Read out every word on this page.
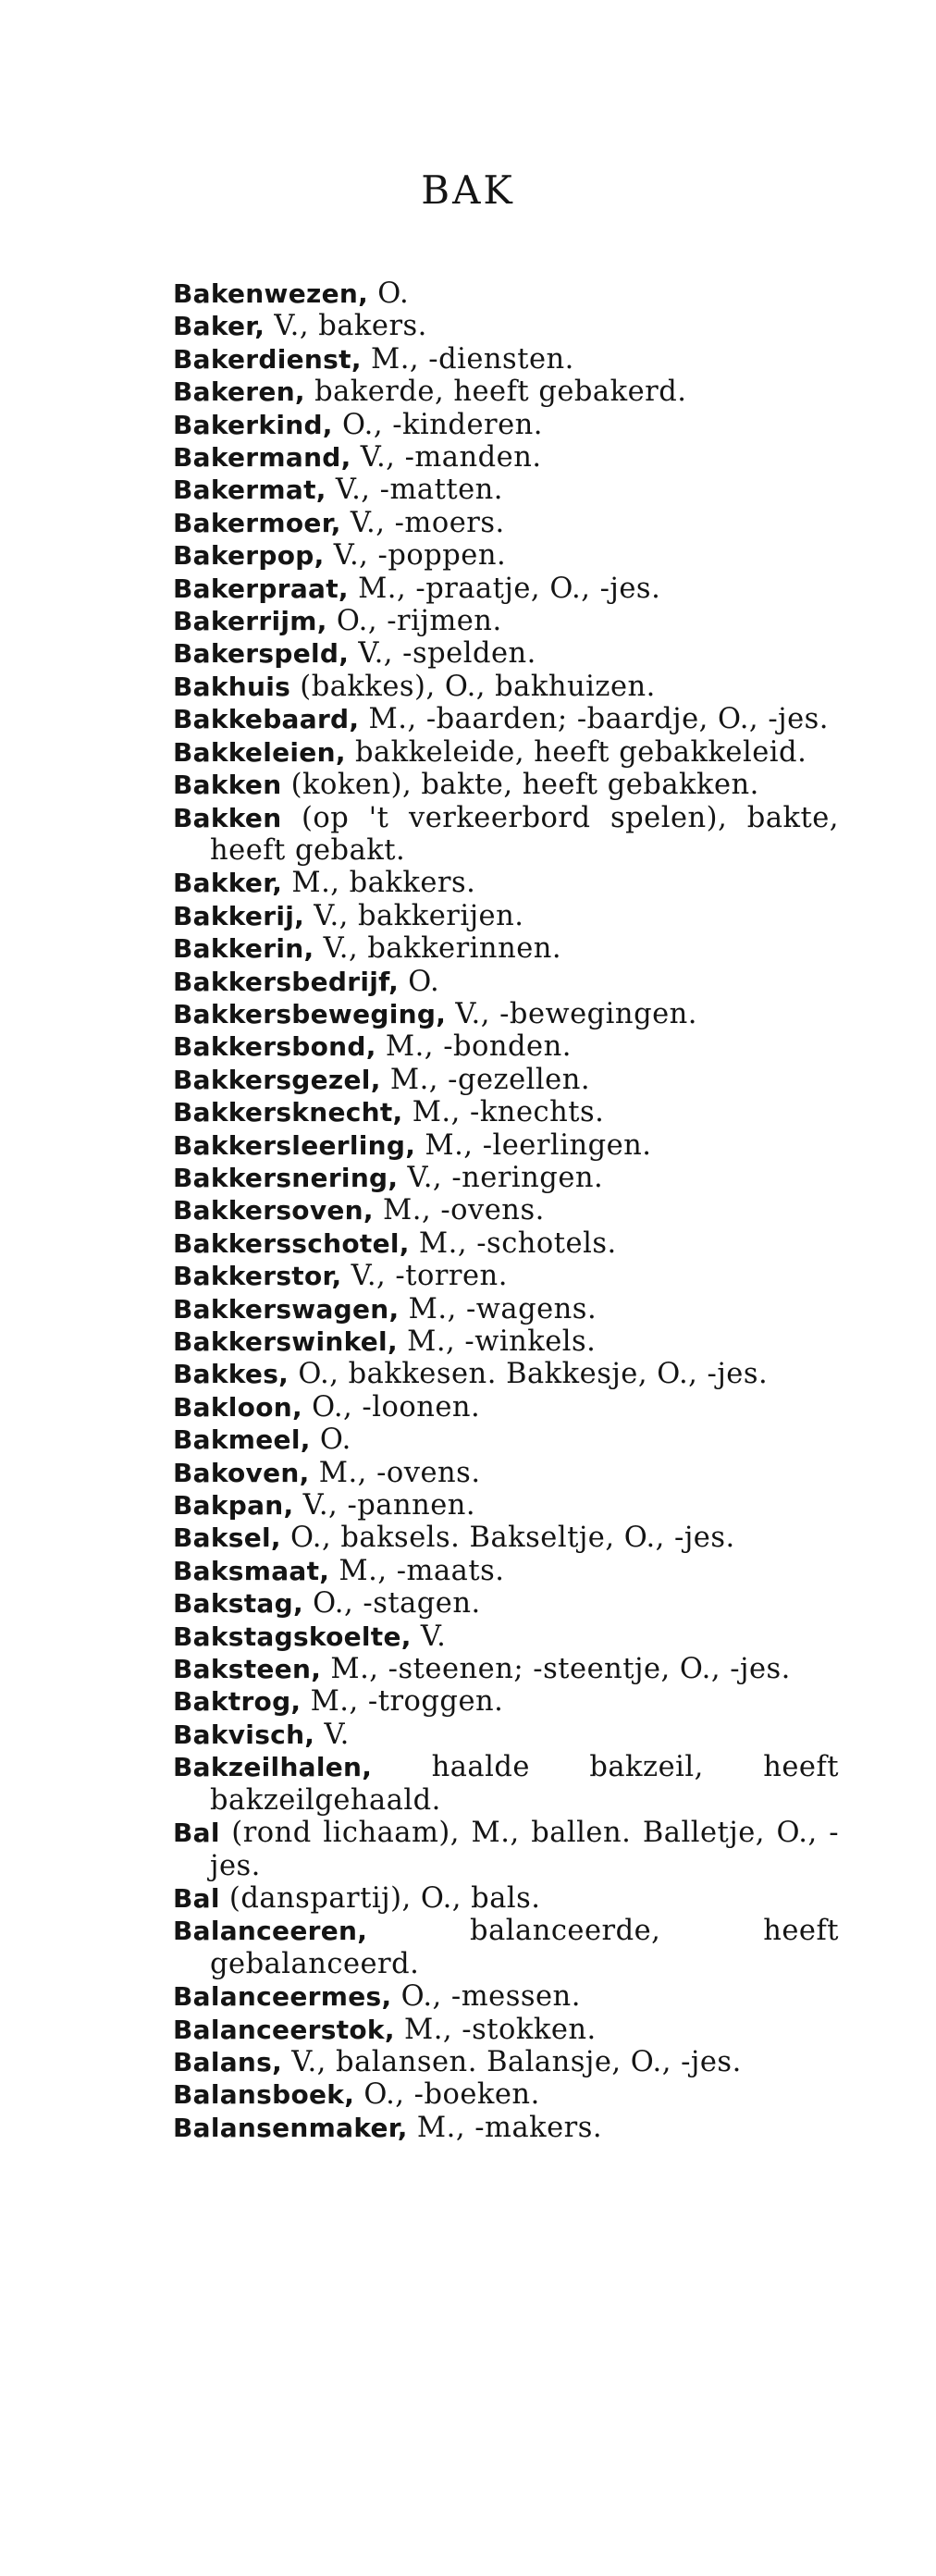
BAK
Bakenwezen, O.
Baker, V., bakers.
Bakerdienst, M., -diensten.
Bakeren, bakerde, heeft gebakerd.
Bakerkind, O., -kinderen.
Bakermand, V., -manden.
Bakermat, V., -matten.
Bakermoer, V., -moers.
Bakerpop, V., -poppen.
Bakerpraat, M., -praatje, O., -jes.
Bakerrijm, O., -rijmen.
Bakerspeld, V., -spelden.
Bakhuis (bakkes), O., bakhuizen.
Bakkebaard, M., -baarden; -baardje, O., -jes.
Bakkeleien, bakkeleide, heeft gebakkeleid.
Bakken (koken), bakte, heeft gebakken.
Bakken (op 't verkeerbord spelen), bakte, heeft gebakt.
Bakker, M., bakkers.
Bakkerij, V., bakkerijen.
Bakkerin, V., bakkerinnen.
Bakkersbedrijf, O.
Bakkersbeweging, V., -bewegingen.
Bakkersbond, M., -bonden.
Bakkersgezel, M., -gezellen.
Bakkersknecht, M., -knechts.
Bakkersleerling, M., -leerlingen.
Bakkersnering, V., -neringen.
Bakkersoven, M., -ovens.
Bakkersschotel, M., -schotels.
Bakkerstor, V., -torren.
Bakkerswagen, M., -wagens.
Bakkerswinkel, M., -winkels.
Bakkes, O., bakkesen. Bakkesje, O., -jes.
Bakloon, O., -loonen.
Bakmeel, O.
Bakoven, M., -ovens.
Bakpan, V., -pannen.
Baksel, O., baksels. Bakseltje, O., -jes.
Baksmaat, M., -maats.
Bakstag, O., -stagen.
Bakstagskoelte, V.
Baksteen, M., -steenen; -steentje, O., -jes.
Baktrog, M., -troggen.
Bakvisch, V.
Bakzeilhalen, haalde bakzeil, heeft bakzeilgehaald.
Bal (rond lichaam), M., ballen. Balletje, O., -jes.
Bal (danspartij), O., bals.
Balanceeren, balanceerde, heeft gebalanceerd.
Balanceermes, O., -messen.
Balanceerstok, M., -stokken.
Balans, V., balansen. Balansje, O., -jes.
Balansboek, O., -boeken.
Balansenmaker, M., -makers.
